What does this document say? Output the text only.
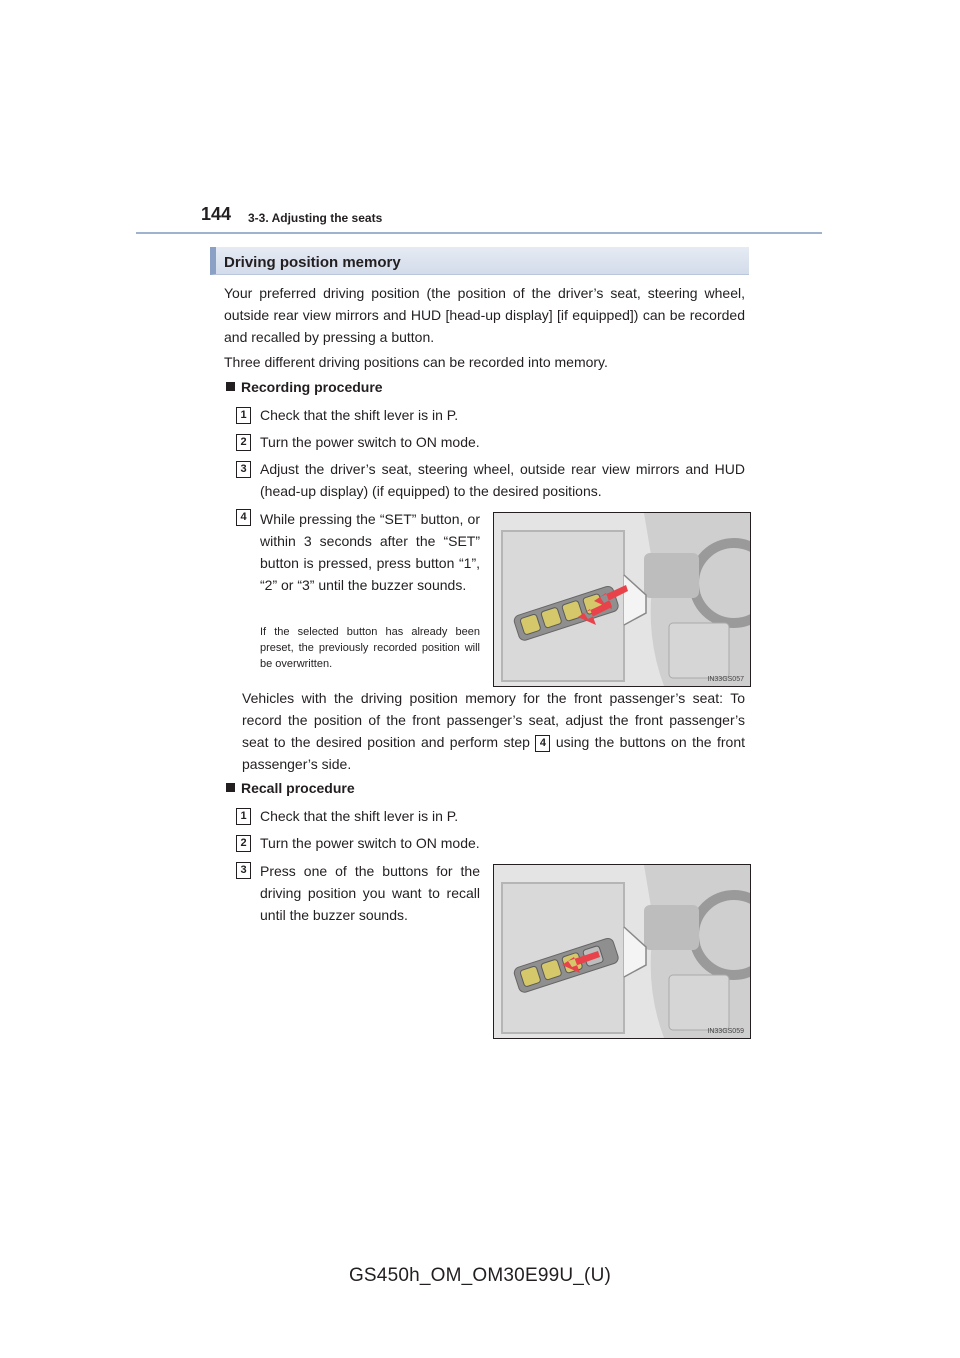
144 3-3. Adjusting the seats
Driving position memory
Your preferred driving position (the position of the driver’s seat, steering wheel, outside rear view mirrors and HUD [head-up display] [if equipped]) can be recorded and recalled by pressing a button.
Three different driving positions can be recorded into memory.
Recording procedure
1 Check that the shift lever is in P.
2 Turn the power switch to ON mode.
3 Adjust the driver’s seat, steering wheel, outside rear view mirrors and HUD (head-up display) (if equipped) to the desired positions.
4 While pressing the “SET” button, or within 3 seconds after the “SET” button is pressed, press button “1”, “2” or “3” until the buzzer sounds.
If the selected button has already been preset, the previously recorded position will be overwritten.
IN33GS057
Vehicles with the driving position memory for the front passenger’s seat: To record the position of the front passenger’s seat, adjust the front passenger’s seat to the desired position and perform step 4 using the buttons on the front passenger’s side.
Recall procedure
1 Check that the shift lever is in P.
2 Turn the power switch to ON mode.
3 Press one of the buttons for the driving position you want to recall until the buzzer sounds.
IN33GS059
GS450h_OM_OM30E99U_(U)
